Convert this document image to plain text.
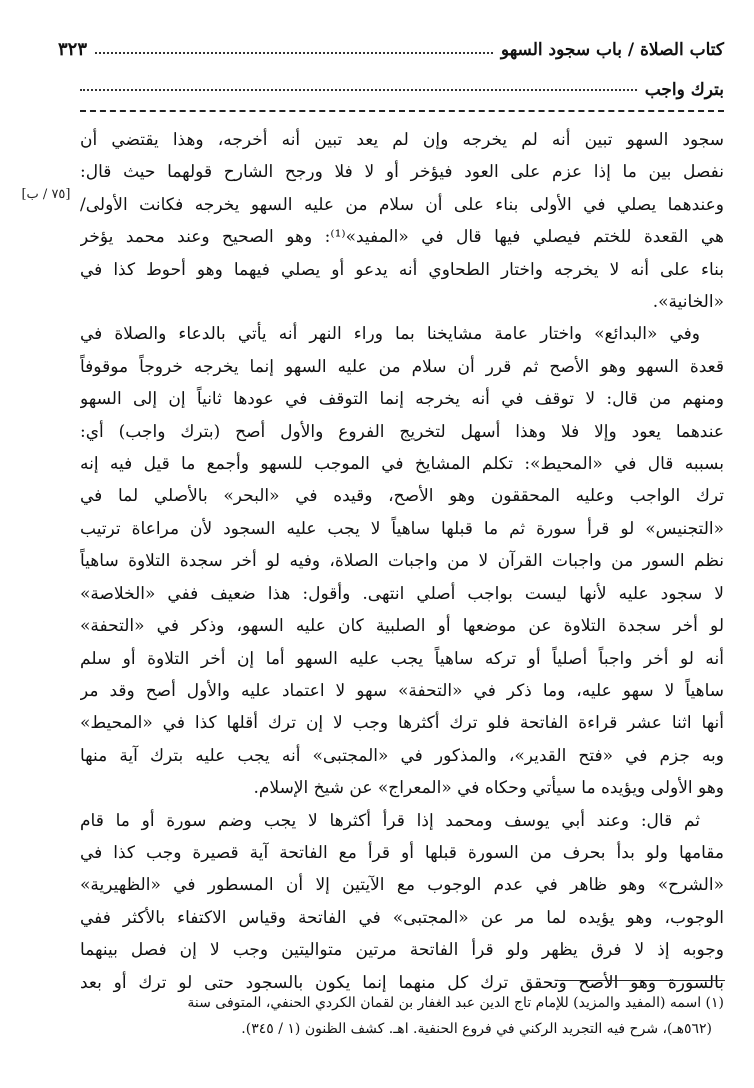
كتاب الصلاة / باب سجود السهو
٣٢٣
بترك واجب
[٧٥ / ب]
سجود السهو تبين أنه لم يخرجه وإن لم يعد تبين أنه أخرجه، وهذا يقتضي أن
نفصل بين ما إذا عزم على العود فيؤخر أو لا فلا ورجح الشارح قولهما حيث قال:
وعندهما يصلي في الأولى بناء على أن سلام من عليه السهو يخرجه فكانت الأولى/
هي القعدة للختم فيصلي فيها قال في «المفيد»⁽¹⁾: وهو الصحيح وعند محمد يؤخر
بناء على أنه لا يخرجه واختار الطحاوي أنه يدعو أو يصلي فيهما وهو أحوط كذا في
«الخانية».
وفي «البدائع» واختار عامة مشايخنا بما وراء النهر أنه يأتي بالدعاء والصلاة في
قعدة السهو وهو الأصح ثم قرر أن سلام من عليه السهو إنما يخرجه خروجاً موقوفاً
ومنهم من قال: لا توقف في أنه يخرجه إنما التوقف في عودها ثانياً إن إلى السهو
عندهما يعود وإلا فلا وهذا أسهل لتخريج الفروع والأول أصح (بترك واجب) أي:
بسببه قال في «المحيط»: تكلم المشايخ في الموجب للسهو وأجمع ما قيل فيه إنه
ترك الواجب وعليه المحققون وهو الأصح، وقيده في «البحر» بالأصلي لما في
«التجنيس» لو قرأ سورة ثم ما قبلها ساهياً لا يجب عليه السجود لأن مراعاة ترتيب
نظم السور من واجبات القرآن لا من واجبات الصلاة، وفيه لو أخر سجدة التلاوة ساهياً
لا سجود عليه لأنها ليست بواجب أصلي انتهى. وأقول: هذا ضعيف ففي «الخلاصة»
لو أخر سجدة التلاوة عن موضعها أو الصلبية كان عليه السهو، وذكر في «التحفة»
أنه لو أخر واجباً أصلياً أو تركه ساهياً يجب عليه السهو أما إن أخر التلاوة أو سلم
ساهياً لا سهو عليه، وما ذكر في «التحفة» سهو لا اعتماد عليه والأول أصح وقد مر
أنها اثنا عشر قراءة الفاتحة فلو ترك أكثرها وجب لا إن ترك أقلها كذا في «المحيط»
وبه جزم في «فتح القدير»، والمذكور في «المجتبى» أنه يجب عليه بترك آية منها
وهو الأولى ويؤيده ما سيأتي وحكاه في «المعراج» عن شيخ الإسلام.
ثم قال: وعند أبي يوسف ومحمد إذا قرأ أكثرها لا يجب وضم سورة أو ما قام
مقامها ولو بدأ بحرف من السورة قبلها أو قرأ مع الفاتحة آية قصيرة وجب كذا في
«الشرح» وهو ظاهر في عدم الوجوب مع الآيتين إلا أن المسطور في «الظهيرية»
الوجوب، وهو يؤيده لما مر عن «المجتبى» في الفاتحة وقياس الاكتفاء بالأكثر ففي
وجوبه إذ لا فرق يظهر ولو قرأ الفاتحة مرتين متواليتين وجب لا إن فصل بينهما
بالسورة وهو الأصح وتحقق ترك كل منهما إنما يكون بالسجود حتى لو ترك أو بعد
(١) اسمه (المفيد والمزيد) للإمام تاج الدين عبد الغفار بن لقمان الكردي الحنفي، المتوفى سنة
(٥٦٢هـ)، شرح فيه التجريد الركني في فروع الحنفية. اهـ. كشف الظنون (١ / ٣٤٥).
